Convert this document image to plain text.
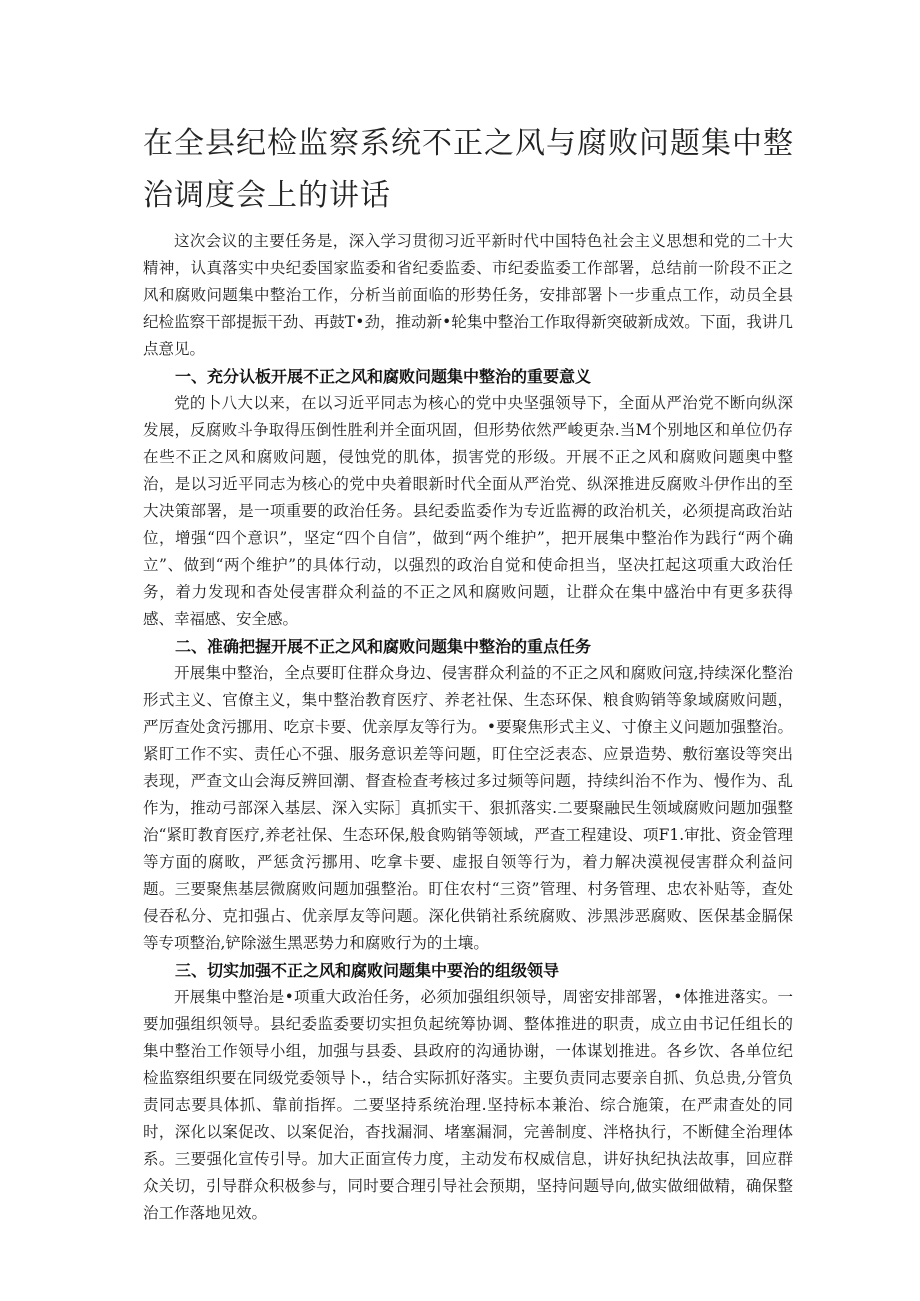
在全县纪检监察系统不正之风与腐败问题集中整治调度会上的讲话

这次会议的主要任务是，深入学习贯彻习近平新时代中国特色社会主义思想和党的二十大精神，认真落实中央纪委国家监委和省纪委监委、市纪委监委工作部署，总结前一阶段不正之风和腐败问题集中整治工作，分析当前面临的形势任务，安排部署卜一步重点工作，动员全县纪检监察干部提振干劲、再鼓T•劲，推动新•轮集中整治工作取得新突破新成效。下面，我讲几点意见。

一、充分认板开展不正之风和腐败问题集中整治的重要意义

党的卜八大以来，在以习近平同志为核心的党中央坚强领导下，全面从严治党不断向纵深发展，反腐败斗争取得压倒性胜利并全面巩固，但形势依然严峻更杂.当M个别地区和单位仍存在些不正之风和腐败问题，侵蚀党的肌体，损害党的形级。开展不正之风和腐败问题奥中整治，是以习近平同志为核心的党中央着眼新时代全面从严治党、纵深推进反腐败斗伊作出的至大决策部署，是一项重要的政治任务。县纪委监委作为专近监褥的政治机关，必须提高政治站位，增强“四个意识”，坚定“四个自信”，做到“两个维护”，把开展集中整治作为践行“两个确立”、做到“两个维护”的具体行动，以强烈的政治自觉和使命担当，坚决扛起这项重大政治任务，着力发现和杳处侵害群众利益的不正之风和腐败问题，让群众在集中盛治中有更多获得感、幸福感、安全感。

二、准确把握开展不正之风和腐败问题集中整治的重点任务

开展集中整治，全点要盯住群众身边、侵害群众利益的不正之风和腐败问寇,持续深化整治形式主义、官僚主义，集中整治教育医疗、养老社保、生态环保、粮食购销等象域腐败问题，严厉查处贪污挪用、吃京卡要、优亲厚友等行为。•要聚焦形式主义、寸僚主义问题加强整治。紧盯工作不实、责任心不强、服务意识差等问题，盯住空泛表态、应景造势、敷衍塞设等突出表现，严查文山会海反辨回潮、督查检查考核过多过频等问题，持续纠治不作为、慢作为、乱作为，推动弓部深入基层、深入实际］真抓实干、狠抓落实.二要聚融民生领域腐败问题加强整治“紧盯教育医疗,养老社保、生态环保,般食购销等领域，严查工程建设、项F1.审批、资金管理等方面的腐畋，严惩贪污挪用、吃拿卡要、虚报自领等行为，着力解决漠视侵害群众利益问题。三要聚焦基层微腐败问题加强整治。盯住农村“三资”管理、村务管理、忠农补贴等，查处侵吞私分、克扣强占、优亲厚友等问题。深化供销社系统腐败、涉黑涉恶腐败、医保基金膈保等专项整治,铲除滋生黑恶势力和腐败行为的土壤。

三、切实加强不正之风和腐败问题集中要治的组级领导

开展集中整治是•项重大政治任务，必须加强组织领导，周密安排部署，•体推进落实。一要加强组织领导。县纪委监委要切实担负起统筹协调、整体推进的职责，成立由书记任组长的集中整治工作领导小组，加强与县委、县政府的沟通协谢，一体谋划推进。各乡饮、各单位纪检监察组织要在同级党委领导卜.，结合实际抓好落实。主要负责同志要亲自抓、负总贵,分管负责同志要具体抓、靠前指挥。二要坚持系统治理.坚持标本兼治、综合施策，在严肃查处的同时，深化以案促改、以案促治，杳找漏洞、堵塞漏洞，完善制度、泮格执行，不断健全治理体系。三要强化宣传引导。加大正面宣传力度，主动发布权威信息，讲好执纪执法故事，回应群众关切，引导群众积极参与，同时要合理引导社会预期，坚持问题导向,做实做细做精，确保整治工作落地见效。
